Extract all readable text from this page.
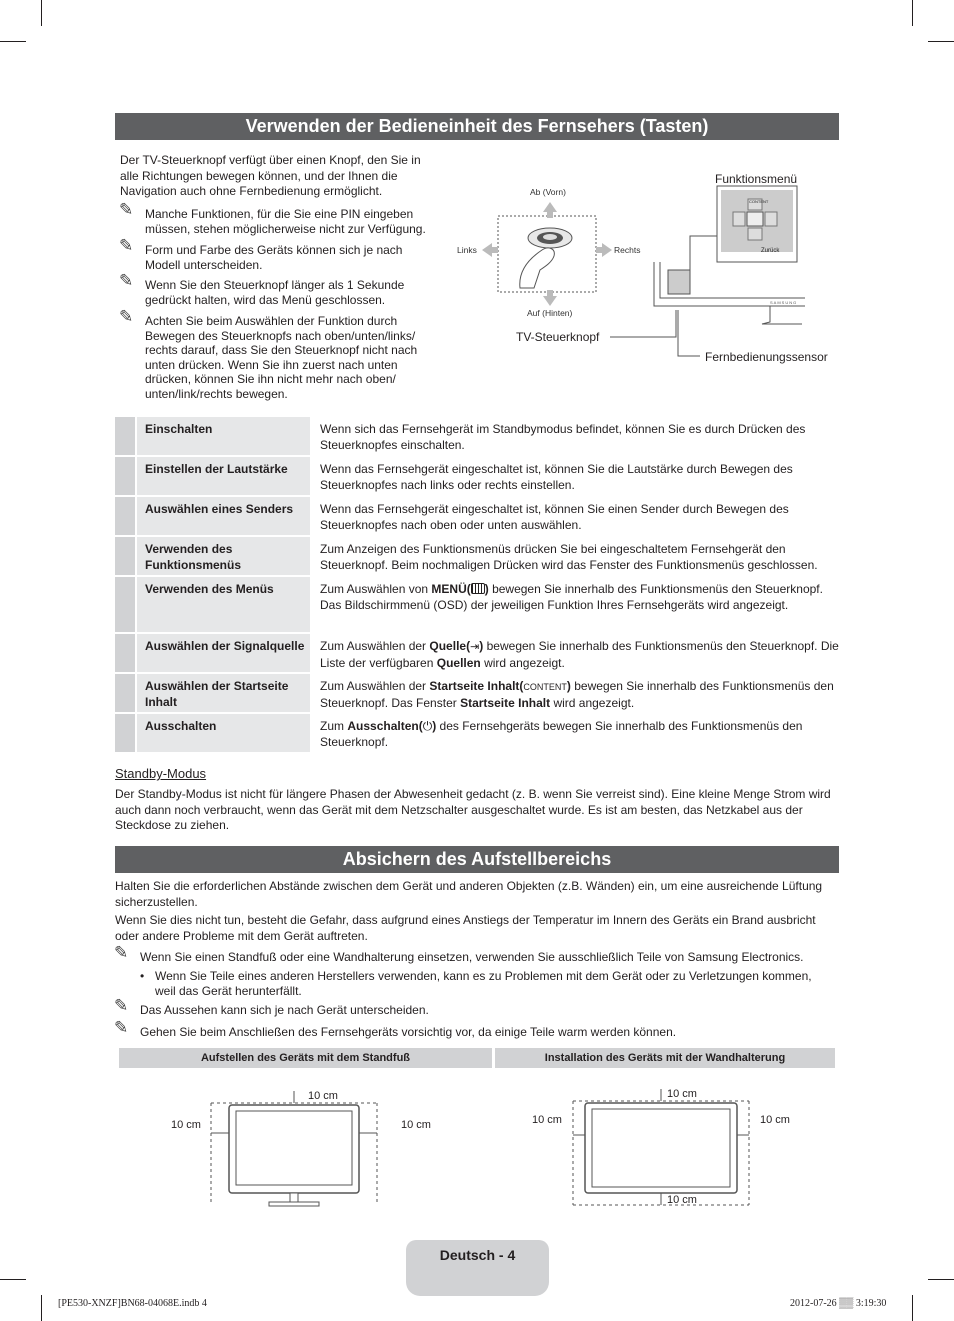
Verwenden der Bedieneinheit des Fernsehers (Tasten)
Der TV-Steuerknopf verfügt über einen Knopf, den Sie in alle Richtungen bewegen können, und der Ihnen die Navigation auch ohne Fernbedienung ermöglicht.
✎ Manche Funktionen, für die Sie eine PIN eingeben müssen, stehen möglicherweise nicht zur Verfügung.
✎ Form und Farbe des Geräts können sich je nach Modell unterscheiden.
✎ Wenn Sie den Steuerknopf länger als 1 Sekunde gedrückt halten, wird das Menü geschlossen.
✎ Achten Sie beim Auswählen der Funktion durch Bewegen des Steuerknopfs nach oben/unten/links/ rechts darauf, dass Sie den Steuerknopf nicht nach unten drücken. Wenn Sie ihn zuerst nach unten drücken, können Sie ihn nicht mehr nach oben/ unten/link/rechts bewegen.
Ab (Vorn)
Auf (Hinten)
Links	Rechts
TV-Steuerknopf
Funktionsmenü
Fernbedienungssensor
Zurück
CONTENT
SAMSUNG
Einschalten	Wenn sich das Fernsehgerät im Standbymodus befindet, können Sie es durch Drücken des Steuerknopfes einschalten.
Einstellen der Lautstärke	Wenn das Fernsehgerät eingeschaltet ist, können Sie die Lautstärke durch Bewegen des Steuerknopfes nach links oder rechts einstellen.
Auswählen eines Senders	Wenn das Fernsehgerät eingeschaltet ist, können Sie einen Sender durch Bewegen des Steuerknopfes nach oben oder unten auswählen.
Verwenden des Funktionsmenüs
Zum Anzeigen des Funktionsmenüs drücken Sie bei eingeschaltetem Fernsehgerät den Steuerknopf. Beim nochmaligen Drücken wird das Fenster des Funktionsmenüs geschlossen.
Verwenden des Menüs	Zum Auswählen von MENÜ( ) bewegen Sie innerhalb des Funktionsmenüs den Steuerknopf. Das Bildschirmmenü (OSD) der jeweiligen Funktion Ihres Fernsehgeräts wird angezeigt.
Auswählen der Signalquelle	Zum Auswählen der Quelle(⇥) bewegen Sie innerhalb des Funktionsmenüs den Steuerknopf. Die Liste der verfügbaren Quellen wird angezeigt.
Auswählen der Startseite Inhalt
Zum Auswählen der Startseite Inhalt(CONTENT) bewegen Sie innerhalb des Funktionsmenüs den Steuerknopf. Das Fenster Startseite Inhalt wird angezeigt.
Ausschalten	Zum Ausschalten(⏻) des Fernsehgeräts bewegen Sie innerhalb des Funktionsmenüs den Steuerknopf.
Standby-Modus
Der Standby-Modus ist nicht für längere Phasen der Abwesenheit gedacht (z. B. wenn Sie verreist sind). Eine kleine Menge Strom wird auch dann noch verbraucht, wenn das Gerät mit dem Netzschalter ausgeschaltet wurde. Es ist am besten, das Netzkabel aus der Steckdose zu ziehen.
Absichern des Aufstellbereichs
Halten Sie die erforderlichen Abstände zwischen dem Gerät und anderen Objekten (z.B. Wänden) ein, um eine ausreichende Lüftung sicherzustellen.
Wenn Sie dies nicht tun, besteht die Gefahr, dass aufgrund eines Anstiegs der Temperatur im Innern des Geräts ein Brand ausbricht oder andere Probleme mit dem Gerät auftreten.
✎ Wenn Sie einen Standfuß oder eine Wandhalterung einsetzen, verwenden Sie ausschließlich Teile von Samsung Electronics.
• Wenn Sie Teile eines anderen Herstellers verwenden, kann es zu Problemen mit dem Gerät oder zu Verletzungen kommen, weil das Gerät herunterfällt.
✎ Das Aussehen kann sich je nach Gerät unterscheiden.
✎ Gehen Sie beim Anschließen des Fernsehgeräts vorsichtig vor, da einige Teile warm werden können.
Aufstellen des Geräts mit dem Standfuß	Installation des Geräts mit der Wandhalterung
10 cm
10 cm	10 cm
10 cm
10 cm
10 cm	10 cm
Deutsch - 4
[PE530-XNZF]BN68-04068E.indb 4	2012-07-26 ▒▒ 3:19:30
